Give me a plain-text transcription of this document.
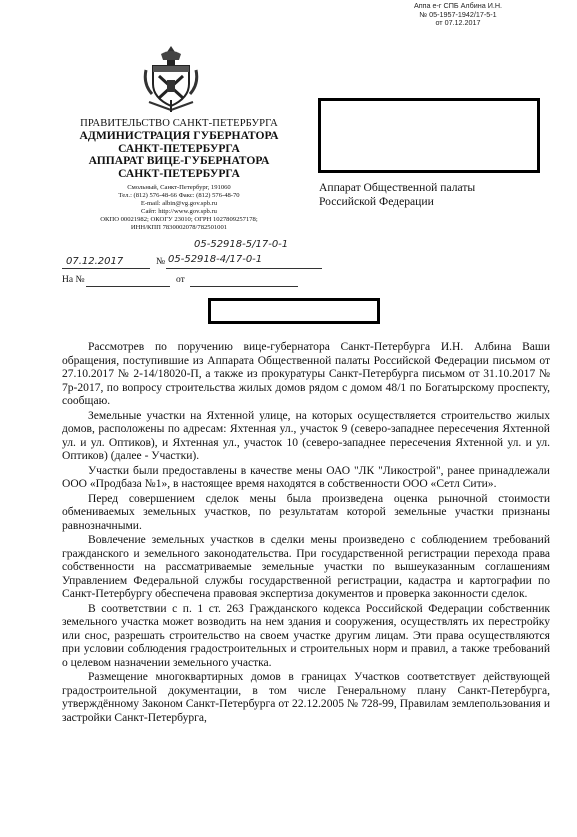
Аппа е-г СПБ Албина И.Н.
№ 05-1957-1942/17-5-1
от 07.12.2017
ПРАВИТЕЛЬСТВО САНКТ-ПЕТЕРБУРГА
АДМИНИСТРАЦИЯ ГУБЕРНАТОРА
САНКТ-ПЕТЕРБУРГА
АППАРАТ ВИЦЕ-ГУБЕРНАТОРА
САНКТ-ПЕТЕРБУРГА
Смольный, Санкт-Петербург, 191060
Тел.: (812) 576-48-66 Факс: (812) 576-48-70
E-mail: albin@vg.gov.spb.ru
Сайт: http://www.gov.spb.ru
ОКПО 00021982; ОКОГУ 23010; ОГРН 1027809257178;
ИНН/КПП 7830002078/782501001
05-52918-5/17-0-1
07.12.2017	№ 05-52918-4/17-0-1
На №	от
Аппарат Общественной палаты
Российской Федерации

Рассмотрев по поручению вице-губернатора Санкт-Петербурга И.Н. Албина Ваши обращения, поступившие из Аппарата Общественной палаты Российской Федерации письмом от 27.10.2017 № 2-14/18020-П, а также из прокуратуры Санкт-Петербурга письмом от 31.10.2017 № 7р-2017, по вопросу строительства жилых домов рядом с домом 48/1 по Богатырскому проспекту, сообщаю.

Земельные участки на Яхтенной улице, на которых осуществляется строительство жилых домов, расположены по адресам: Яхтенная ул., участок 9 (северо-западнее пересечения Яхтенной ул. и ул. Оптиков), и Яхтенная ул., участок 10 (северо-западнее пересечения Яхтенной ул. и ул. Оптиков) (далее - Участки).

Участки были предоставлены в качестве мены ОАО "ЛК "Ликострой", ранее принадлежали ООО «Продбаза №1», в настоящее время находятся в собственности ООО «Сетл Сити».

Перед совершением сделок мены была произведена оценка рыночной стоимости обмениваемых земельных участков, по результатам которой земельные участки признаны равнозначными.

Вовлечение земельных участков в сделки мены произведено с соблюдением требований гражданского и земельного законодательства. При государственной регистрации перехода права собственности на рассматриваемые земельные участки по вышеуказанным соглашениям Управлением Федеральной службы государственной регистрации, кадастра и картографии по Санкт-Петербургу обеспечена правовая экспертиза документов и проверка законности сделок.

В соответствии с п. 1 ст. 263 Гражданского кодекса Российской Федерации собственник земельного участка может возводить на нем здания и сооружения, осуществлять их перестройку или снос, разрешать строительство на своем участке другим лицам. Эти права осуществляются при условии соблюдения градостроительных и строительных норм и правил, а также требований о целевом назначении земельного участка.

Размещение многоквартирных домов в границах Участков соответствует действующей градостроительной документации, в том числе Генеральному плану Санкт-Петербурга, утверждённому Законом Санкт-Петербурга от 22.12.2005 № 728-99, Правилам землепользования и застройки Санкт-Петербурга,
